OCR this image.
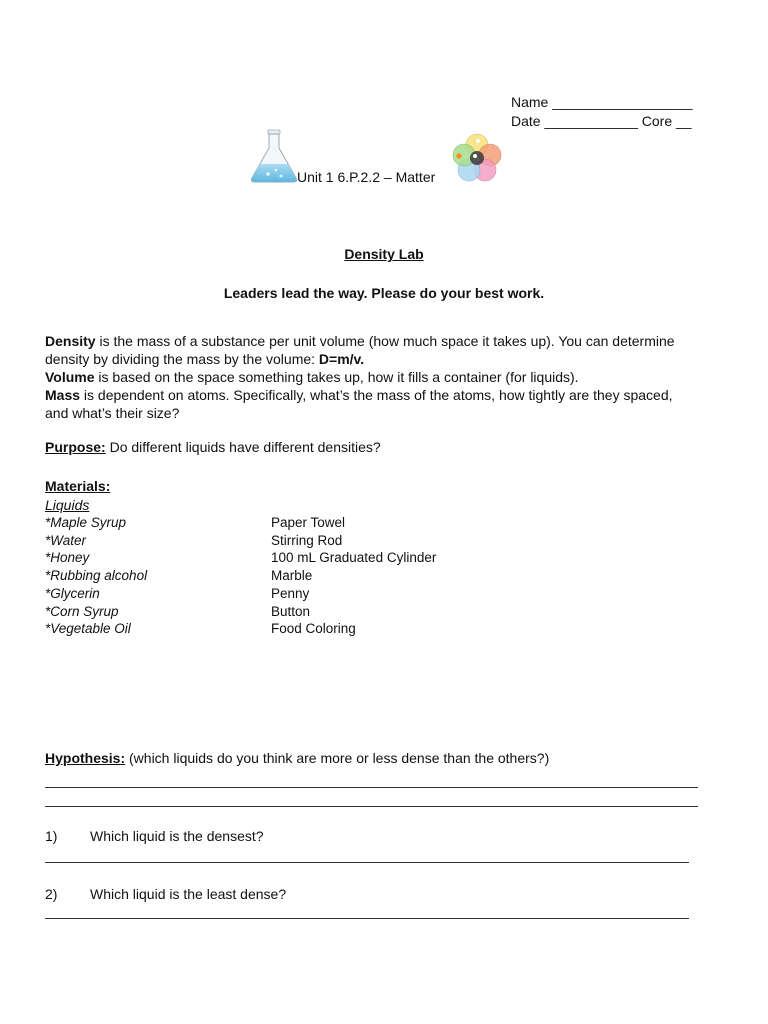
Name __________________
Date ____________ Core __
Unit 1 6.P.2.2 – Matter
Density Lab
Leaders lead the way. Please do your best work.

Density is the mass of a substance per unit volume (how much space it takes up). You can determine density by dividing the mass by the volume: D=m/v.

Volume is based on the space something takes up, how it fills a container (for liquids).

Mass is dependent on atoms. Specifically, what’s the mass of the atoms, how tightly are they spaced, and what’s their size?

Purpose: Do different liquids have different densities?
Materials:
Liquids
*Maple Syrup	Paper Towel
*Water	Stirring Rod
*Honey	100 mL Graduated Cylinder
*Rubbing alcohol	Marble
*Glycerin	Penny
*Corn Syrup	Button
*Vegetable Oil	Food Coloring
Hypothesis: (which liquids do you think are more or less dense than the others?)
1) Which liquid is the densest?
2) Which liquid is the least dense?
